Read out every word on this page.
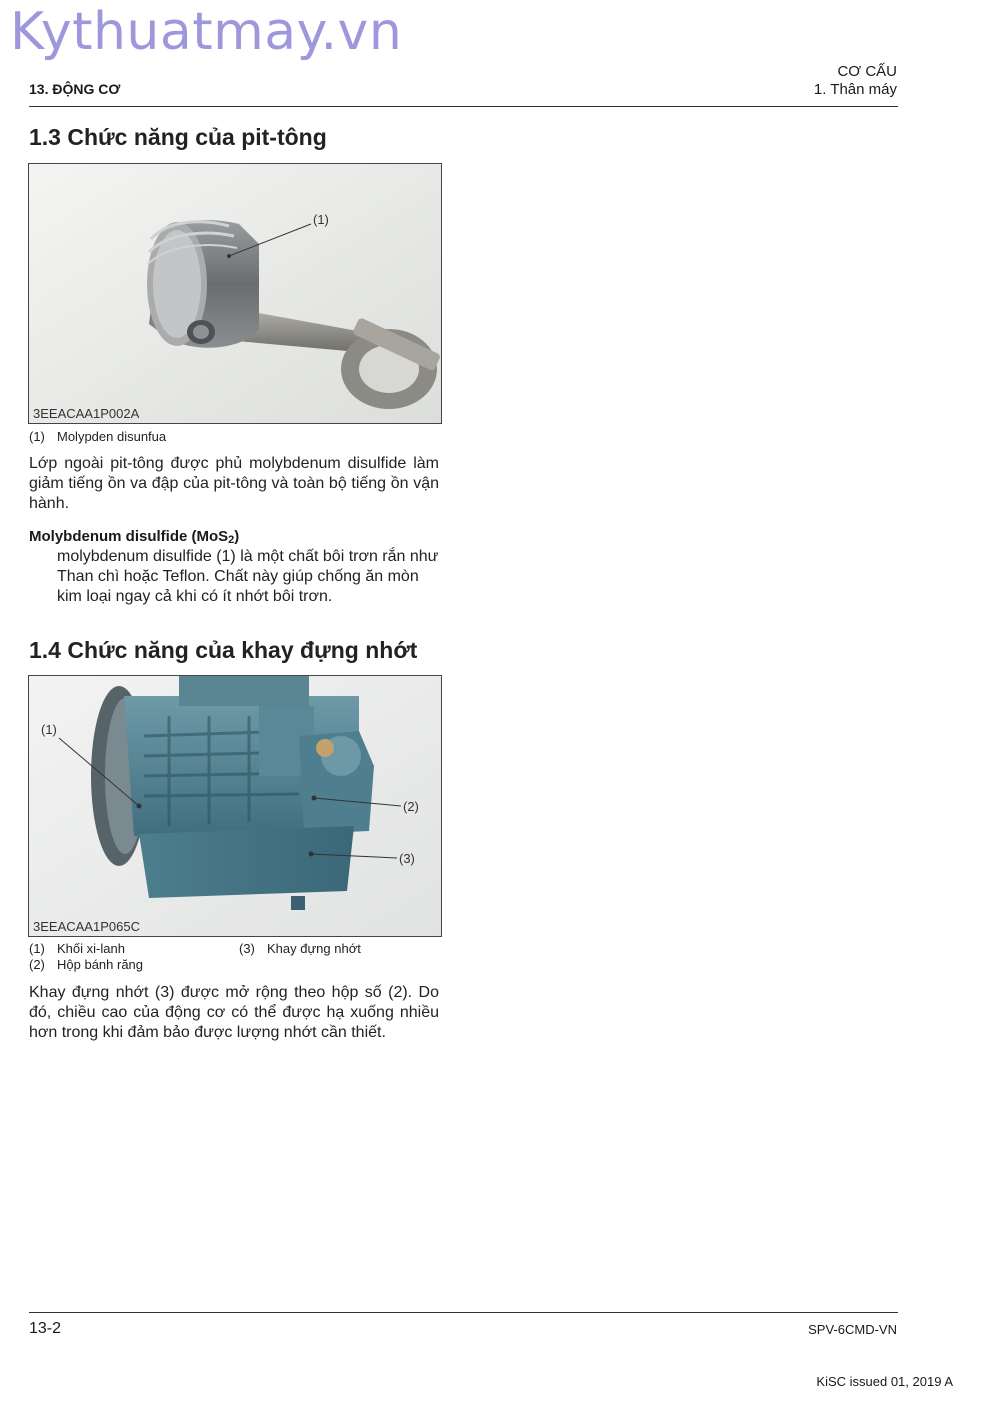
Kythuatmay.vn
13. ĐỘNG CƠ
CƠ CẤU
1. Thân máy
1.3 Chức năng của pit-tông
(1)
3EEACAA1P002A
(1) Molypden disunfua

Lớp ngoài pit-tông được phủ molybdenum disulfide làm giảm tiếng ồn va đập của pit-tông và toàn bộ tiếng ồn vận hành.

Molybdenum disulfide (MoS$_2$)
molybdenum disulfide (1) là một chất bôi trơn rắn như Than chì hoặc Teflon. Chất này giúp chống ăn mòn kim loại ngay cả khi có ít nhớt bôi trơn.
1.4 Chức năng của khay đựng nhớt
(1)
(2)
(3)
3EEACAA1P065C
(1) Khối xi-lanh
(2) Hộp bánh răng
(3) Khay đựng nhớt

Khay đựng nhớt (3) được mở rộng theo hộp số (2). Do đó, chiều cao của động cơ có thể được hạ xuống nhiều hơn trong khi đảm bảo được lượng nhớt cần thiết.

13-2	SPV-6CMD-VN
KiSC issued 01, 2019 A
